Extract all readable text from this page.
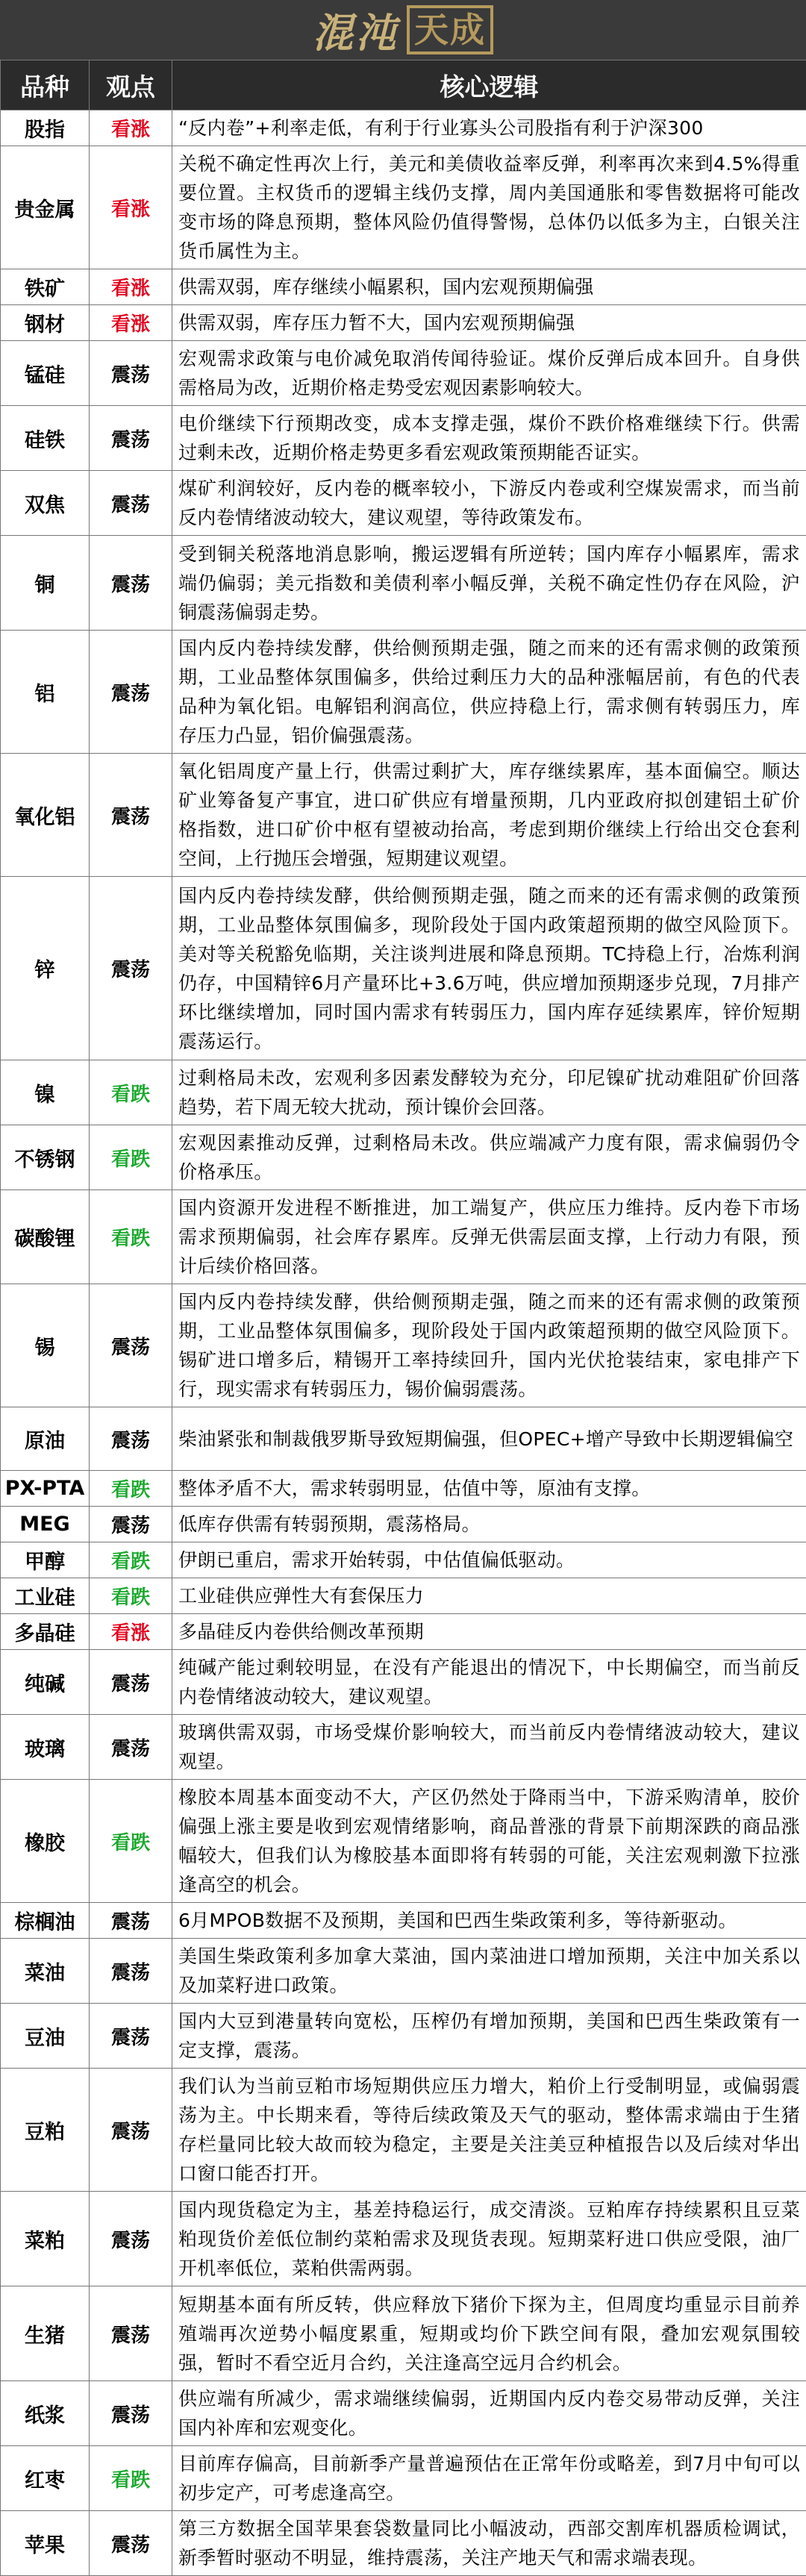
混沌 天成
品种	观点	核心逻辑
股指	看涨	“反内卷”+利率走低，有利于行业寡头公司股指有利于沪深300
贵金属	看涨	关税不确定性再次上行，美元和美债收益率反弹，利率再次来到4.5%得重要位置。主权货币的逻辑主线仍支撑，周内美国通胀和零售数据将可能改变市场的降息预期，整体风险仍值得警惕，总体仍以低多为主，白银关注货币属性为主。
铁矿	看涨	供需双弱，库存继续小幅累积，国内宏观预期偏强
钢材	看涨	供需双弱，库存压力暂不大，国内宏观预期偏强
锰硅	震荡	宏观需求政策与电价减免取消传闻待验证。煤价反弹后成本回升。自身供需格局为改，近期价格走势受宏观因素影响较大。
硅铁	震荡	电价继续下行预期改变，成本支撑走强，煤价不跌价格难继续下行。供需过剩未改，近期价格走势更多看宏观政策预期能否证实。
双焦	震荡	煤矿利润较好，反内卷的概率较小，下游反内卷或利空煤炭需求，而当前反内卷情绪波动较大，建议观望，等待政策发布。
铜	震荡	受到铜关税落地消息影响，搬运逻辑有所逆转；国内库存小幅累库，需求端仍偏弱；美元指数和美债利率小幅反弹，关税不确定性仍存在风险，沪铜震荡偏弱走势。
铝	震荡	国内反内卷持续发酵，供给侧预期走强，随之而来的还有需求侧的政策预期，工业品整体氛围偏多，供给过剩压力大的品种涨幅居前，有色的代表品种为氧化铝。电解铝利润高位，供应持稳上行，需求侧有转弱压力，库存压力凸显，铝价偏强震荡。
氧化铝	震荡	氧化铝周度产量上行，供需过剩扩大，库存继续累库，基本面偏空。顺达矿业筹备复产事宜，进口矿供应有增量预期，几内亚政府拟创建铝土矿价格指数，进口矿价中枢有望被动抬高，考虑到期价继续上行给出交仓套利空间，上行抛压会增强，短期建议观望。
锌	震荡	国内反内卷持续发酵，供给侧预期走强，随之而来的还有需求侧的政策预期，工业品整体氛围偏多，现阶段处于国内政策超预期的做空风险顶下。美对等关税豁免临期，关注谈判进展和降息预期。TC持稳上行，冶炼利润仍存，中国精锌6月产量环比+3.6万吨，供应增加预期逐步兑现，7月排产环比继续增加，同时国内需求有转弱压力，国内库存延续累库，锌价短期震荡运行。
镍	看跌	过剩格局未改，宏观利多因素发酵较为充分，印尼镍矿扰动难阻矿价回落趋势，若下周无较大扰动，预计镍价会回落。
不锈钢	看跌	宏观因素推动反弹，过剩格局未改。供应端减产力度有限，需求偏弱仍令价格承压。
碳酸锂	看跌	国内资源开发进程不断推进，加工端复产，供应压力维持。反内卷下市场需求预期偏弱，社会库存累库。反弹无供需层面支撑，上行动力有限，预计后续价格回落。
锡	震荡	国内反内卷持续发酵，供给侧预期走强，随之而来的还有需求侧的政策预期，工业品整体氛围偏多，现阶段处于国内政策超预期的做空风险顶下。锡矿进口增多后，精锡开工率持续回升，国内光伏抢装结束，家电排产下行，现实需求有转弱压力，锡价偏弱震荡。
原油	震荡	柴油紧张和制裁俄罗斯导致短期偏强，但OPEC+增产导致中长期逻辑偏空
PX-PTA	看跌	整体矛盾不大，需求转弱明显，估值中等，原油有支撑。
MEG	震荡	低库存供需有转弱预期，震荡格局。
甲醇	看跌	伊朗已重启，需求开始转弱，中估值偏低驱动。
工业硅	看跌	工业硅供应弹性大有套保压力
多晶硅	看涨	多晶硅反内卷供给侧改革预期
纯碱	震荡	纯碱产能过剩较明显，在没有产能退出的情况下，中长期偏空，而当前反内卷情绪波动较大，建议观望。
玻璃	震荡	玻璃供需双弱，市场受煤价影响较大，而当前反内卷情绪波动较大，建议观望。
橡胶	看跌	橡胶本周基本面变动不大，产区仍然处于降雨当中，下游采购清单，胶价偏强上涨主要是收到宏观情绪影响，商品普涨的背景下前期深跌的商品涨幅较大，但我们认为橡胶基本面即将有转弱的可能，关注宏观刺激下拉涨逢高空的机会。
棕榈油	震荡	6月MPOB数据不及预期，美国和巴西生柴政策利多，等待新驱动。
菜油	震荡	美国生柴政策利多加拿大菜油，国内菜油进口增加预期，关注中加关系以及加菜籽进口政策。
豆油	震荡	国内大豆到港量转向宽松，压榨仍有增加预期，美国和巴西生柴政策有一定支撑，震荡。
豆粕	震荡	我们认为当前豆粕市场短期供应压力增大，粕价上行受制明显，或偏弱震荡为主。中长期来看，等待后续政策及天气的驱动，整体需求端由于生猪存栏量同比较大故而较为稳定，主要是关注美豆种植报告以及后续对华出口窗口能否打开。
菜粕	震荡	国内现货稳定为主，基差持稳运行，成交清淡。豆粕库存持续累积且豆菜粕现货价差低位制约菜粕需求及现货表现。短期菜籽进口供应受限，油厂开机率低位，菜粕供需两弱。
生猪	震荡	短期基本面有所反转，供应释放下猪价下探为主，但周度均重显示目前养殖端再次逆势小幅度累重，短期或均价下跌空间有限，叠加宏观氛围较强，暂时不看空近月合约，关注逢高空远月合约机会。
纸浆	震荡	供应端有所减少，需求端继续偏弱，近期国内反内卷交易带动反弹，关注国内补库和宏观变化。
红枣	看跌	目前库存偏高，目前新季产量普遍预估在正常年份或略差，到7月中旬可以初步定产，可考虑逢高空。
苹果	震荡	第三方数据全国苹果套袋数量同比小幅波动，西部交割库机器质检调试，新季暂时驱动不明显，维持震荡，关注产地天气和需求端表现。
